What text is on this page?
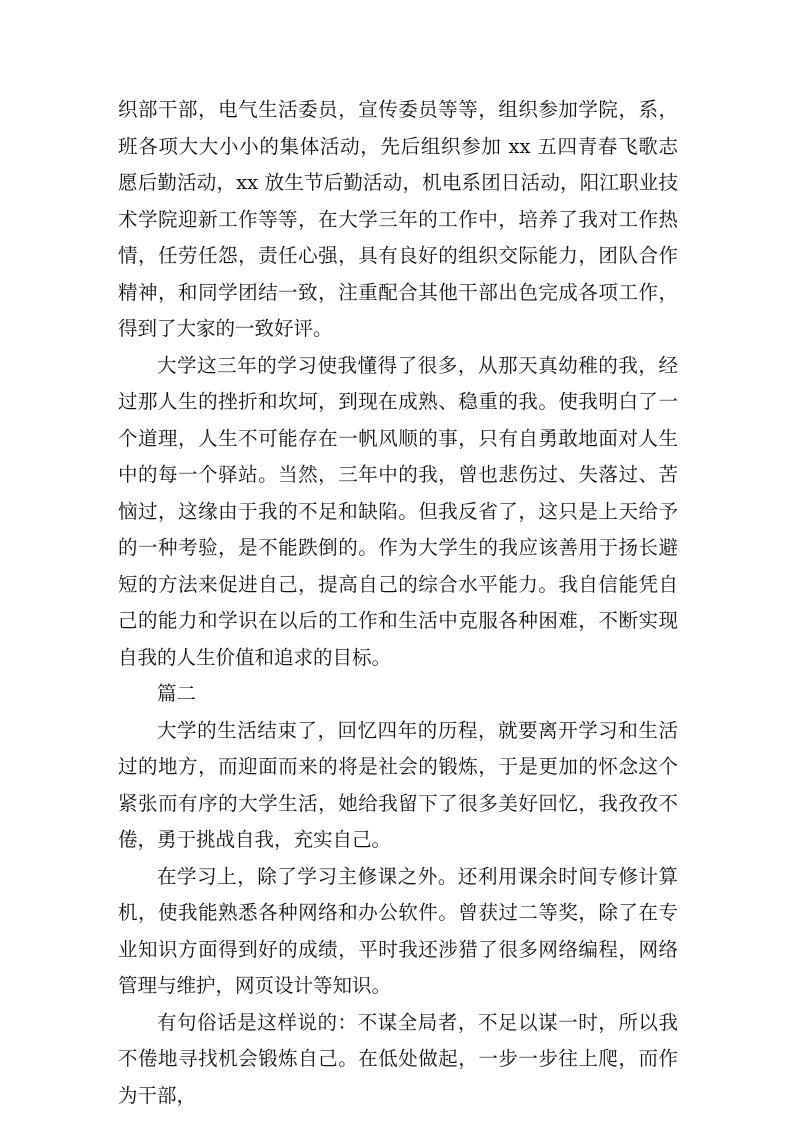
织部干部，电气生活委员，宣传委员等等，组织参加学院，系，班各项大大小小的集体活动，先后组织参加 xx 五四青春飞歌志愿后勤活动，xx 放生节后勤活动，机电系团日活动，阳江职业技术学院迎新工作等等，在大学三年的工作中，培养了我对工作热情，任劳任怨，责任心强，具有良好的组织交际能力，团队合作精神，和同学团结一致，注重配合其他干部出色完成各项工作，得到了大家的一致好评。

大学这三年的学习使我懂得了很多，从那天真幼稚的我，经过那人生的挫折和坎坷，到现在成熟、稳重的我。使我明白了一个道理，人生不可能存在一帆风顺的事，只有自勇敢地面对人生中的每一个驿站。当然，三年中的我，曾也悲伤过、失落过、苦恼过，这缘由于我的不足和缺陷。但我反省了，这只是上天给予的一种考验，是不能跌倒的。作为大学生的我应该善用于扬长避短的方法来促进自己，提高自己的综合水平能力。我自信能凭自己的能力和学识在以后的工作和生活中克服各种困难，不断实现自我的人生价值和追求的目标。

篇二

大学的生活结束了，回忆四年的历程，就要离开学习和生活过的地方，而迎面而来的将是社会的锻炼，于是更加的怀念这个紧张而有序的大学生活，她给我留下了很多美好回忆，我孜孜不倦，勇于挑战自我，充实自己。

在学习上，除了学习主修课之外。还利用课余时间专修计算机，使我能熟悉各种网络和办公软件。曾获过二等奖，除了在专业知识方面得到好的成绩，平时我还涉猎了很多网络编程，网络管理与维护，网页设计等知识。

有句俗话是这样说的：不谋全局者，不足以谋一时，所以我不倦地寻找机会锻炼自己。在低处做起，一步一步往上爬，而作为干部，
